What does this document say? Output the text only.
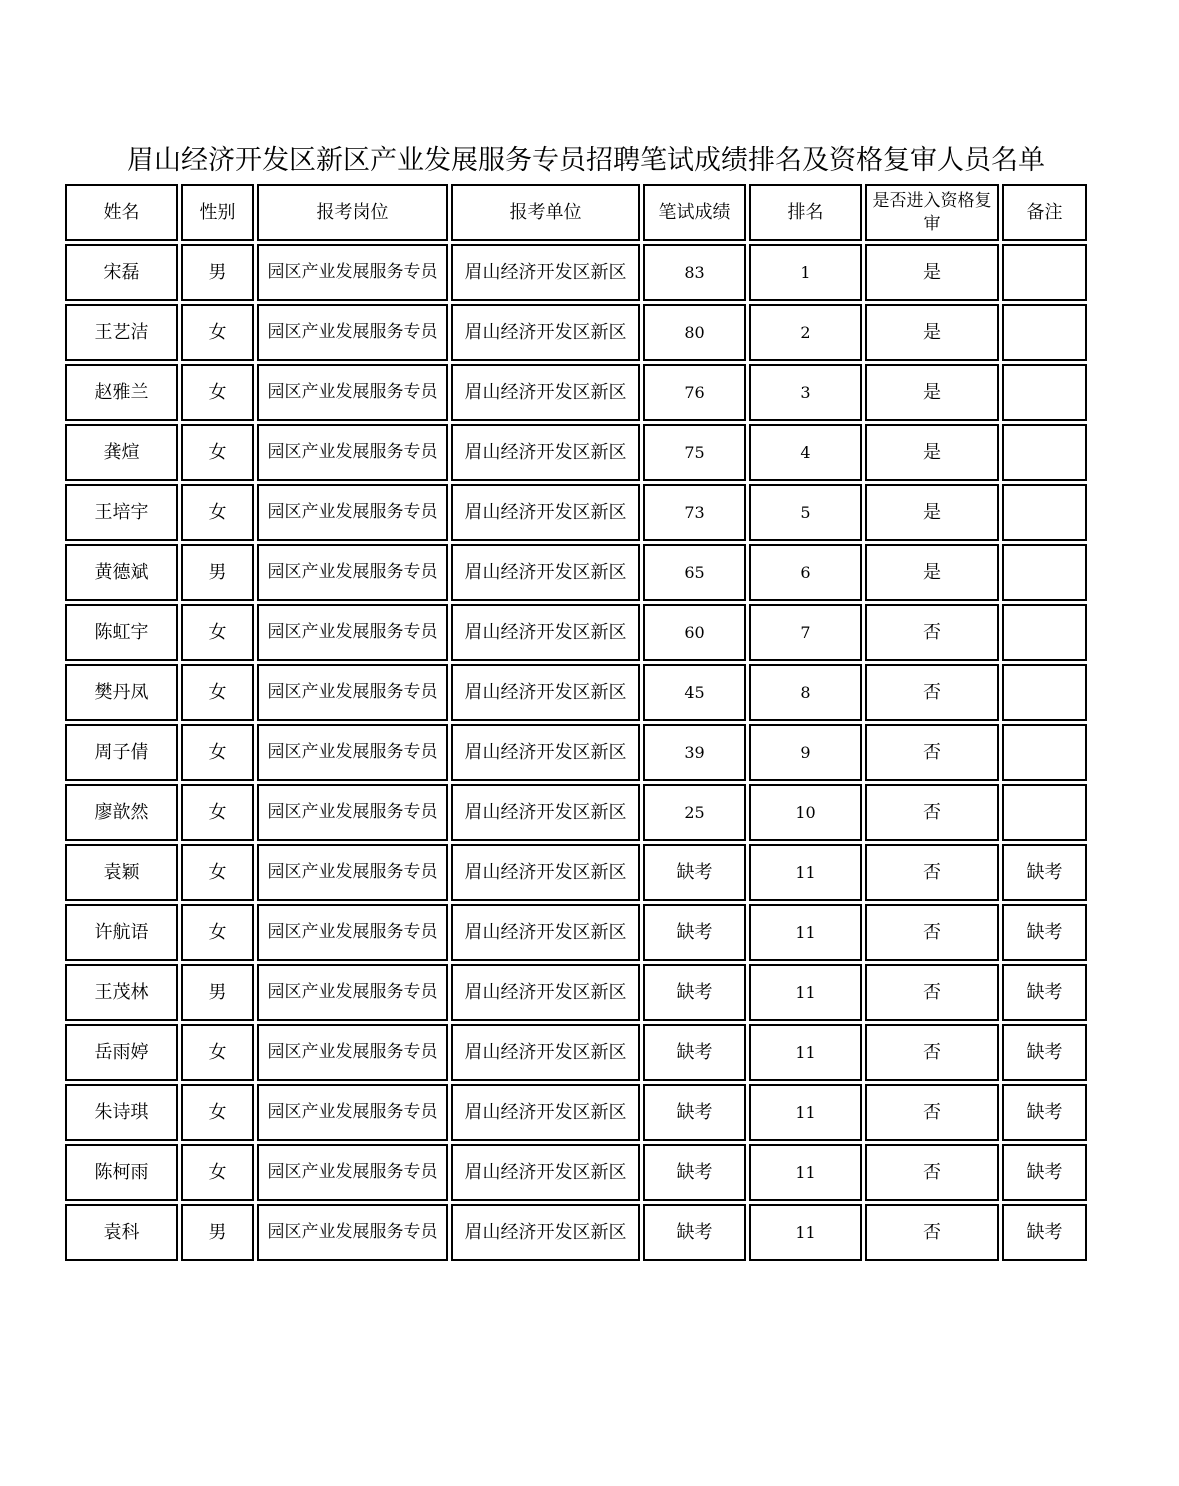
眉山经济开发区新区产业发展服务专员招聘笔试成绩排名及资格复审人员名单
姓名	性别	报考岗位	报考单位	笔试成绩	排名	是否进入资格复审	备注
宋磊	男	园区产业发展服务专员	眉山经济开发区新区	83	1	是	
王艺洁	女	园区产业发展服务专员	眉山经济开发区新区	80	2	是	
赵雅兰	女	园区产业发展服务专员	眉山经济开发区新区	76	3	是	
龚煊	女	园区产业发展服务专员	眉山经济开发区新区	75	4	是	
王培宇	女	园区产业发展服务专员	眉山经济开发区新区	73	5	是	
黄德斌	男	园区产业发展服务专员	眉山经济开发区新区	65	6	是	
陈虹宇	女	园区产业发展服务专员	眉山经济开发区新区	60	7	否	
樊丹凤	女	园区产业发展服务专员	眉山经济开发区新区	45	8	否	
周子倩	女	园区产业发展服务专员	眉山经济开发区新区	39	9	否	
廖歆然	女	园区产业发展服务专员	眉山经济开发区新区	25	10	否	
袁颖	女	园区产业发展服务专员	眉山经济开发区新区	缺考	11	否	缺考
许航语	女	园区产业发展服务专员	眉山经济开发区新区	缺考	11	否	缺考
王茂林	男	园区产业发展服务专员	眉山经济开发区新区	缺考	11	否	缺考
岳雨婷	女	园区产业发展服务专员	眉山经济开发区新区	缺考	11	否	缺考
朱诗琪	女	园区产业发展服务专员	眉山经济开发区新区	缺考	11	否	缺考
陈柯雨	女	园区产业发展服务专员	眉山经济开发区新区	缺考	11	否	缺考
袁科	男	园区产业发展服务专员	眉山经济开发区新区	缺考	11	否	缺考
